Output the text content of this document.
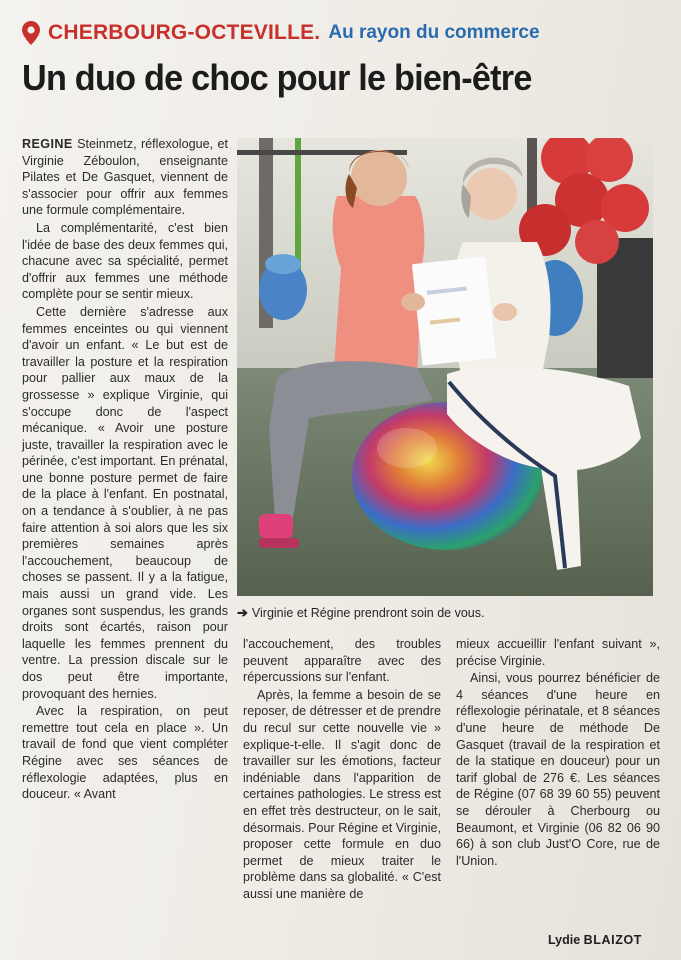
CHERBOURG-OCTEVILLE. Au rayon du commerce
Un duo de choc pour le bien-être

REGINE Steinmetz, réflexologue, et Virginie Zéboulon, enseignante Pilates et De Gasquet, viennent de s'associer pour offrir aux femmes une formule complémentaire.

La complémentarité, c'est bien l'idée de base des deux femmes qui, chacune avec sa spécialité, permet d'offrir aux femmes une méthode complète pour se sentir mieux.

Cette dernière s'adresse aux femmes enceintes ou qui viennent d'avoir un enfant. « Le but est de travailler la posture et la respiration pour pallier aux maux de la grossesse » explique Virginie, qui s'occupe donc de l'aspect mécanique. « Avoir une posture juste, travailler la respiration avec le périnée, c'est important. En prénatal, une bonne posture permet de faire de la place à l'enfant. En postnatal, on a tendance à s'oublier, à ne pas faire attention à soi alors que les six premières semaines après l'accouchement, beaucoup de choses se passent. Il y a la fatigue, mais aussi un grand vide. Les organes sont suspendus, les grands droits sont écartés, raison pour laquelle les femmes prennent du ventre. La pression discale sur le dos peut être importante, provoquant des hernies.

Avec la respiration, on peut remettre tout cela en place ». Un travail de fond que vient compléter Régine avec ses séances de réflexologie adaptées, plus en douceur. « Avant

➔ Virginie et Régine prendront soin de vous.

l'accouchement, des troubles peuvent apparaître avec des répercussions sur l'enfant.

Après, la femme a besoin de se reposer, de détresser et de prendre du recul sur cette nouvelle vie » explique-t-elle. Il s'agit donc de travailler sur les émotions, facteur indéniable dans l'apparition de certaines pathologies. Le stress est en effet très destructeur, on le sait, désormais. Pour Régine et Virginie, proposer cette formule en duo permet de mieux traiter le problème dans sa globalité. « C'est aussi une manière de

mieux accueillir l'enfant suivant », précise Virginie.

Ainsi, vous pourrez bénéficier de 4 séances d'une heure en réflexologie périnatale, et 8 séances d'une heure de méthode De Gasquet (travail de la respiration et de la statique en douceur) pour un tarif global de 276 €. Les séances de Régine (07 68 39 60 55) peuvent se dérouler à Cherbourg ou Beaumont, et Virginie (06 82 06 90 66) à son club Just'O Core, rue de l'Union.

Lydie BLAIZOT
